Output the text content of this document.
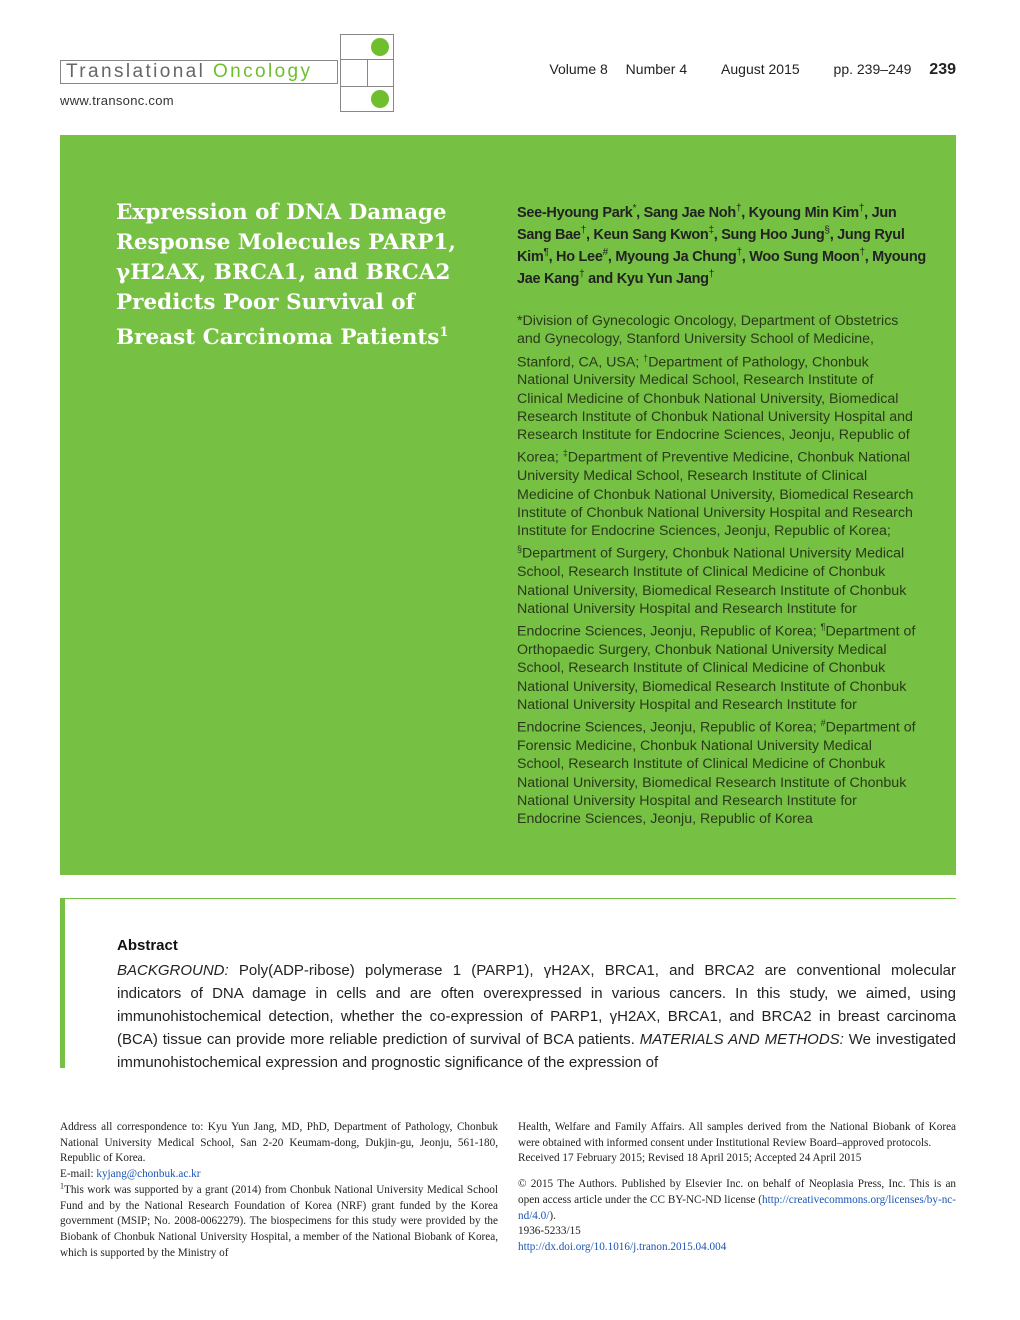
Translational Oncology
www.transonc.com
Volume 8 Number 4 August 2015 pp. 239–249 239
Expression of DNA Damage Response Molecules PARP1, γH2AX, BRCA1, and BRCA2 Predicts Poor Survival of Breast Carcinoma Patients$^1$
See-Hyoung Park*, Sang Jae Noh†, Kyoung Min Kim†, Jun Sang Bae†, Keun Sang Kwon‡, Sung Hoo Jung§, Jung Ryul Kim¶, Ho Lee#, Myoung Ja Chung†, Woo Sung Moon†, Myoung Jae Kang† and Kyu Yun Jang†
*Division of Gynecologic Oncology, Department of Obstetrics and Gynecology, Stanford University School of Medicine, Stanford, CA, USA; †Department of Pathology, Chonbuk National University Medical School, Research Institute of Clinical Medicine of Chonbuk National University, Biomedical Research Institute of Chonbuk National University Hospital and Research Institute for Endocrine Sciences, Jeonju, Republic of Korea; ‡Department of Preventive Medicine, Chonbuk National University Medical School, Research Institute of Clinical Medicine of Chonbuk National University, Biomedical Research Institute of Chonbuk National University Hospital and Research Institute for Endocrine Sciences, Jeonju, Republic of Korea; §Department of Surgery, Chonbuk National University Medical School, Research Institute of Clinical Medicine of Chonbuk National University, Biomedical Research Institute of Chonbuk National University Hospital and Research Institute for Endocrine Sciences, Jeonju, Republic of Korea; ¶Department of Orthopaedic Surgery, Chonbuk National University Medical School, Research Institute of Clinical Medicine of Chonbuk National University, Biomedical Research Institute of Chonbuk National University Hospital and Research Institute for Endocrine Sciences, Jeonju, Republic of Korea; #Department of Forensic Medicine, Chonbuk National University Medical School, Research Institute of Clinical Medicine of Chonbuk National University, Biomedical Research Institute of Chonbuk National University Hospital and Research Institute for Endocrine Sciences, Jeonju, Republic of Korea
Abstract
BACKGROUND: Poly(ADP-ribose) polymerase 1 (PARP1), γH2AX, BRCA1, and BRCA2 are conventional molecular indicators of DNA damage in cells and are often overexpressed in various cancers. In this study, we aimed, using immunohistochemical detection, whether the co-expression of PARP1, γH2AX, BRCA1, and BRCA2 in breast carcinoma (BCA) tissue can provide more reliable prediction of survival of BCA patients. MATERIALS AND METHODS: We investigated immunohistochemical expression and prognostic significance of the expression of

Address all correspondence to: Kyu Yun Jang, MD, PhD, Department of Pathology, Chonbuk National University Medical School, San 2-20 Keumam-dong, Dukjin-gu, Jeonju, 561-180, Republic of Korea.

E-mail: kyjang@chonbuk.ac.kr

$^1$This work was supported by a grant (2014) from Chonbuk National University Medical School Fund and by the National Research Foundation of Korea (NRF) grant funded by the Korea government (MSIP; No. 2008-0062279). The biospecimens for this study were provided by the Biobank of Chonbuk National University Hospital, a member of the National Biobank of Korea, which is supported by the Ministry of

Health, Welfare and Family Affairs. All samples derived from the National Biobank of Korea were obtained with informed consent under Institutional Review Board–approved protocols.

Received 17 February 2015; Revised 18 April 2015; Accepted 24 April 2015

© 2015 The Authors. Published by Elsevier Inc. on behalf of Neoplasia Press, Inc. This is an open access article under the CC BY-NC-ND license (http://creativecommons.org/licenses/by-nc-nd/4.0/).

1936-5233/15

http://dx.doi.org/10.1016/j.tranon.2015.04.004
